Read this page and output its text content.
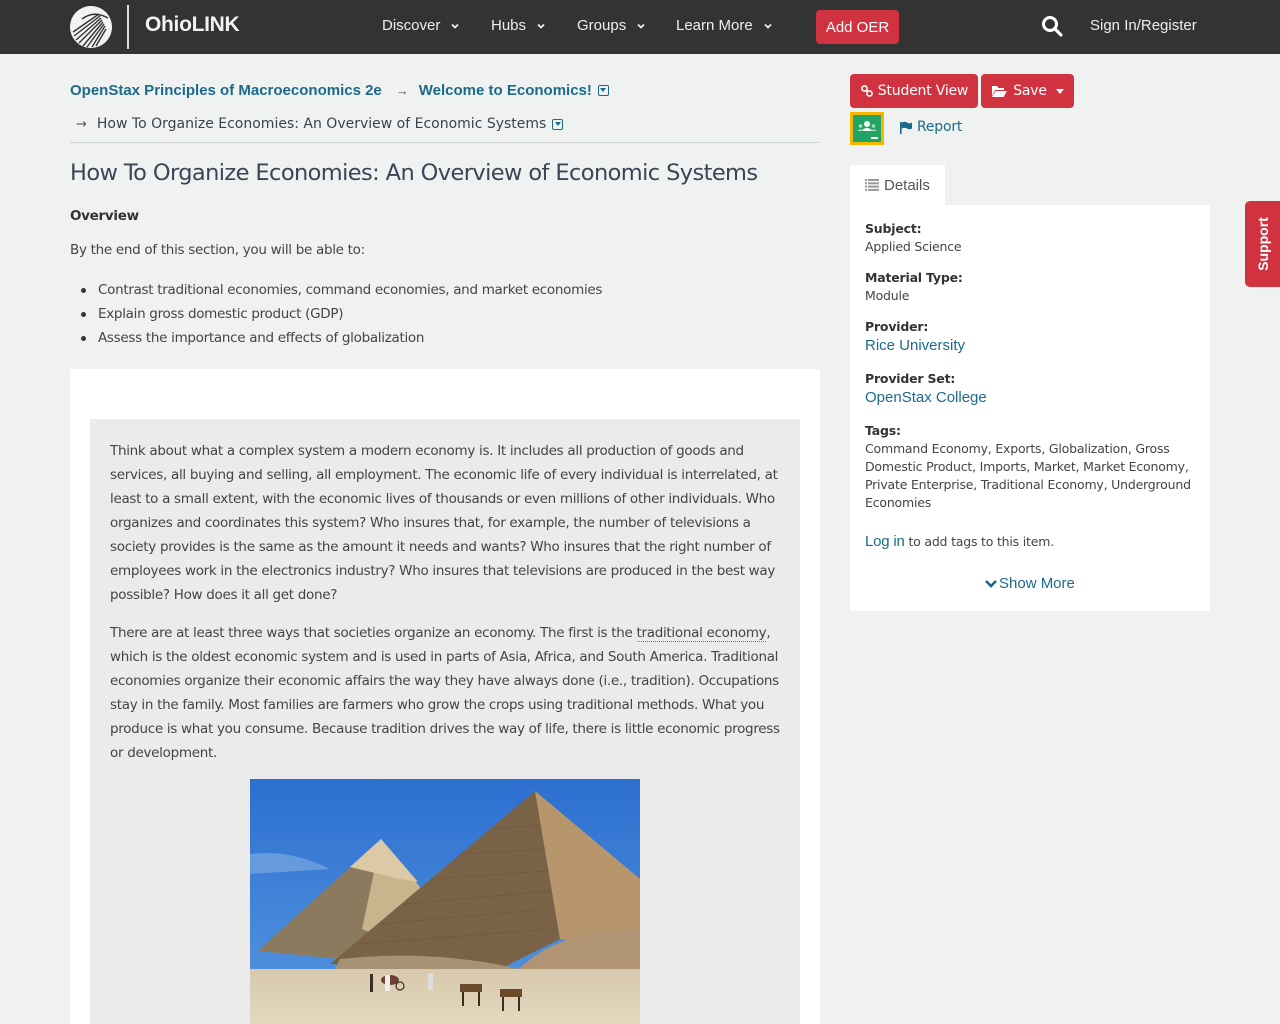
OhioLINK	Discover	Hubs	Groups	Learn More	Add OER	Sign In/Register
OpenStax Principles of Macroeconomics 2e → Welcome to Economics!
→ How To Organize Economies: An Overview of Economic Systems
How To Organize Economies: An Overview of Economic Systems
Overview
By the end of this section, you will be able to:
Contrast traditional economies, command economies, and market economies
Explain gross domestic product (GDP)
Assess the importance and effects of globalization

Think about what a complex system a modern economy is. It includes all production of goods and services, all buying and selling, all employment. The economic life of every individual is interrelated, at least to a small extent, with the economic lives of thousands or even millions of other individuals. Who organizes and coordinates this system? Who insures that, for example, the number of televisions a society provides is the same as the amount it needs and wants? Who insures that the right number of employees work in the electronics industry? Who insures that televisions are produced in the best way possible? How does it all get done?

There are at least three ways that societies organize an economy. The first is the traditional economy, which is the oldest economic system and is used in parts of Asia, Africa, and South America. Traditional economies organize their economic affairs the way they have always done (i.e., tradition). Occupations stay in the family. Most families are farmers who grow the crops using traditional methods. What you produce is what you consume. Because tradition drives the way of life, there is little economic progress or development.

Student View	Save
Report
Details
Subject:
Applied Science
Material Type:
Module
Provider:
Rice University
Provider Set:
OpenStax College
Tags:
Command Economy, Exports, Globalization, Gross Domestic Product, Imports, Market, Market Economy, Private Enterprise, Traditional Economy, Underground Economies
Log in to add tags to this item.
Show More
Support
